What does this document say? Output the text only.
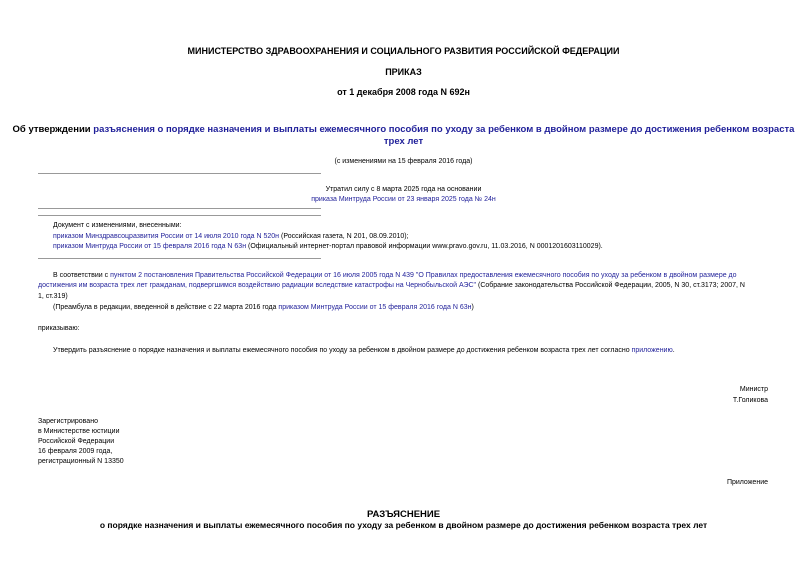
МИНИСТЕРСТВО ЗДРАВООХРАНЕНИЯ И СОЦИАЛЬНОГО РАЗВИТИЯ РОССИЙСКОЙ ФЕДЕРАЦИИ
ПРИКАЗ
от 1 декабря 2008 года N 692н
Об утверждении разъяснения о порядке назначения и выплаты ежемесячного пособия по уходу за ребенком в двойном размере до достижения ребенком возраста
трех лет
(с изменениями на 15 февраля 2016 года)
Утратил силу с 8 марта 2025 года на основании
приказа Минтруда России от 23 января 2025 года № 24н
Документ с изменениями, внесенными:
приказом Минздравсоцразвития России от 14 июля 2010 года N 520н (Российская газета, N 201, 08.09.2010);
приказом Минтруда России от 15 февраля 2016 года N 63н (Официальный интернет-портал правовой информации www.pravo.gov.ru, 11.03.2016, N 0001201603110029).
В соответствии с пунктом 2 постановления Правительства Российской Федерации от 16 июля 2005 года N 439 "О Правилах предоставления ежемесячного пособия по уходу за ребенком в двойном размере до
достижения им возраста трех лет гражданам, подвергшимся воздействию радиации вследствие катастрофы на Чернобыльской АЭС" (Собрание законодательства Российской Федерации, 2005, N 30, ст.3173; 2007, N
1, ст.319)
(Преамбула в редакции, введенной в действие с 22 марта 2016 года приказом Минтруда России от 15 февраля 2016 года N 63н)
приказываю:
Утвердить разъяснение о порядке назначения и выплаты ежемесячного пособия по уходу за ребенком в двойном размере до достижения ребенком возраста трех лет согласно приложению.
Министр
Т.Голикова
Зарегистрировано
в Министерстве юстиции
Российской Федерации
16 февраля 2009 года,
регистрационный N 13350
Приложение
РАЗЪЯСНЕНИЕ
о порядке назначения и выплаты ежемесячного пособия по уходу за ребенком в двойном размере до достижения ребенком возраста трех лет
